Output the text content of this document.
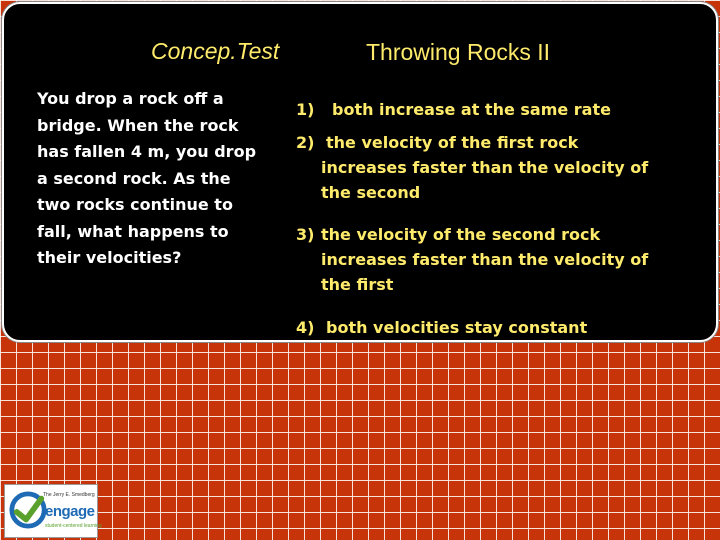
Concep.Test	Throwing Rocks II
You drop a rock off a
bridge. When the rock
has fallen 4 m, you drop
a second rock. As the
two rocks continue to
fall, what happens to
their velocities?
1) both increase at the same rate
2) the velocity of the first rock
increases faster than the velocity of
the second
3) the velocity of the second rock
increases faster than the velocity of
the first
4) both velocities stay constant
The Jerry E. Smedberg
engage
student-centered learning
